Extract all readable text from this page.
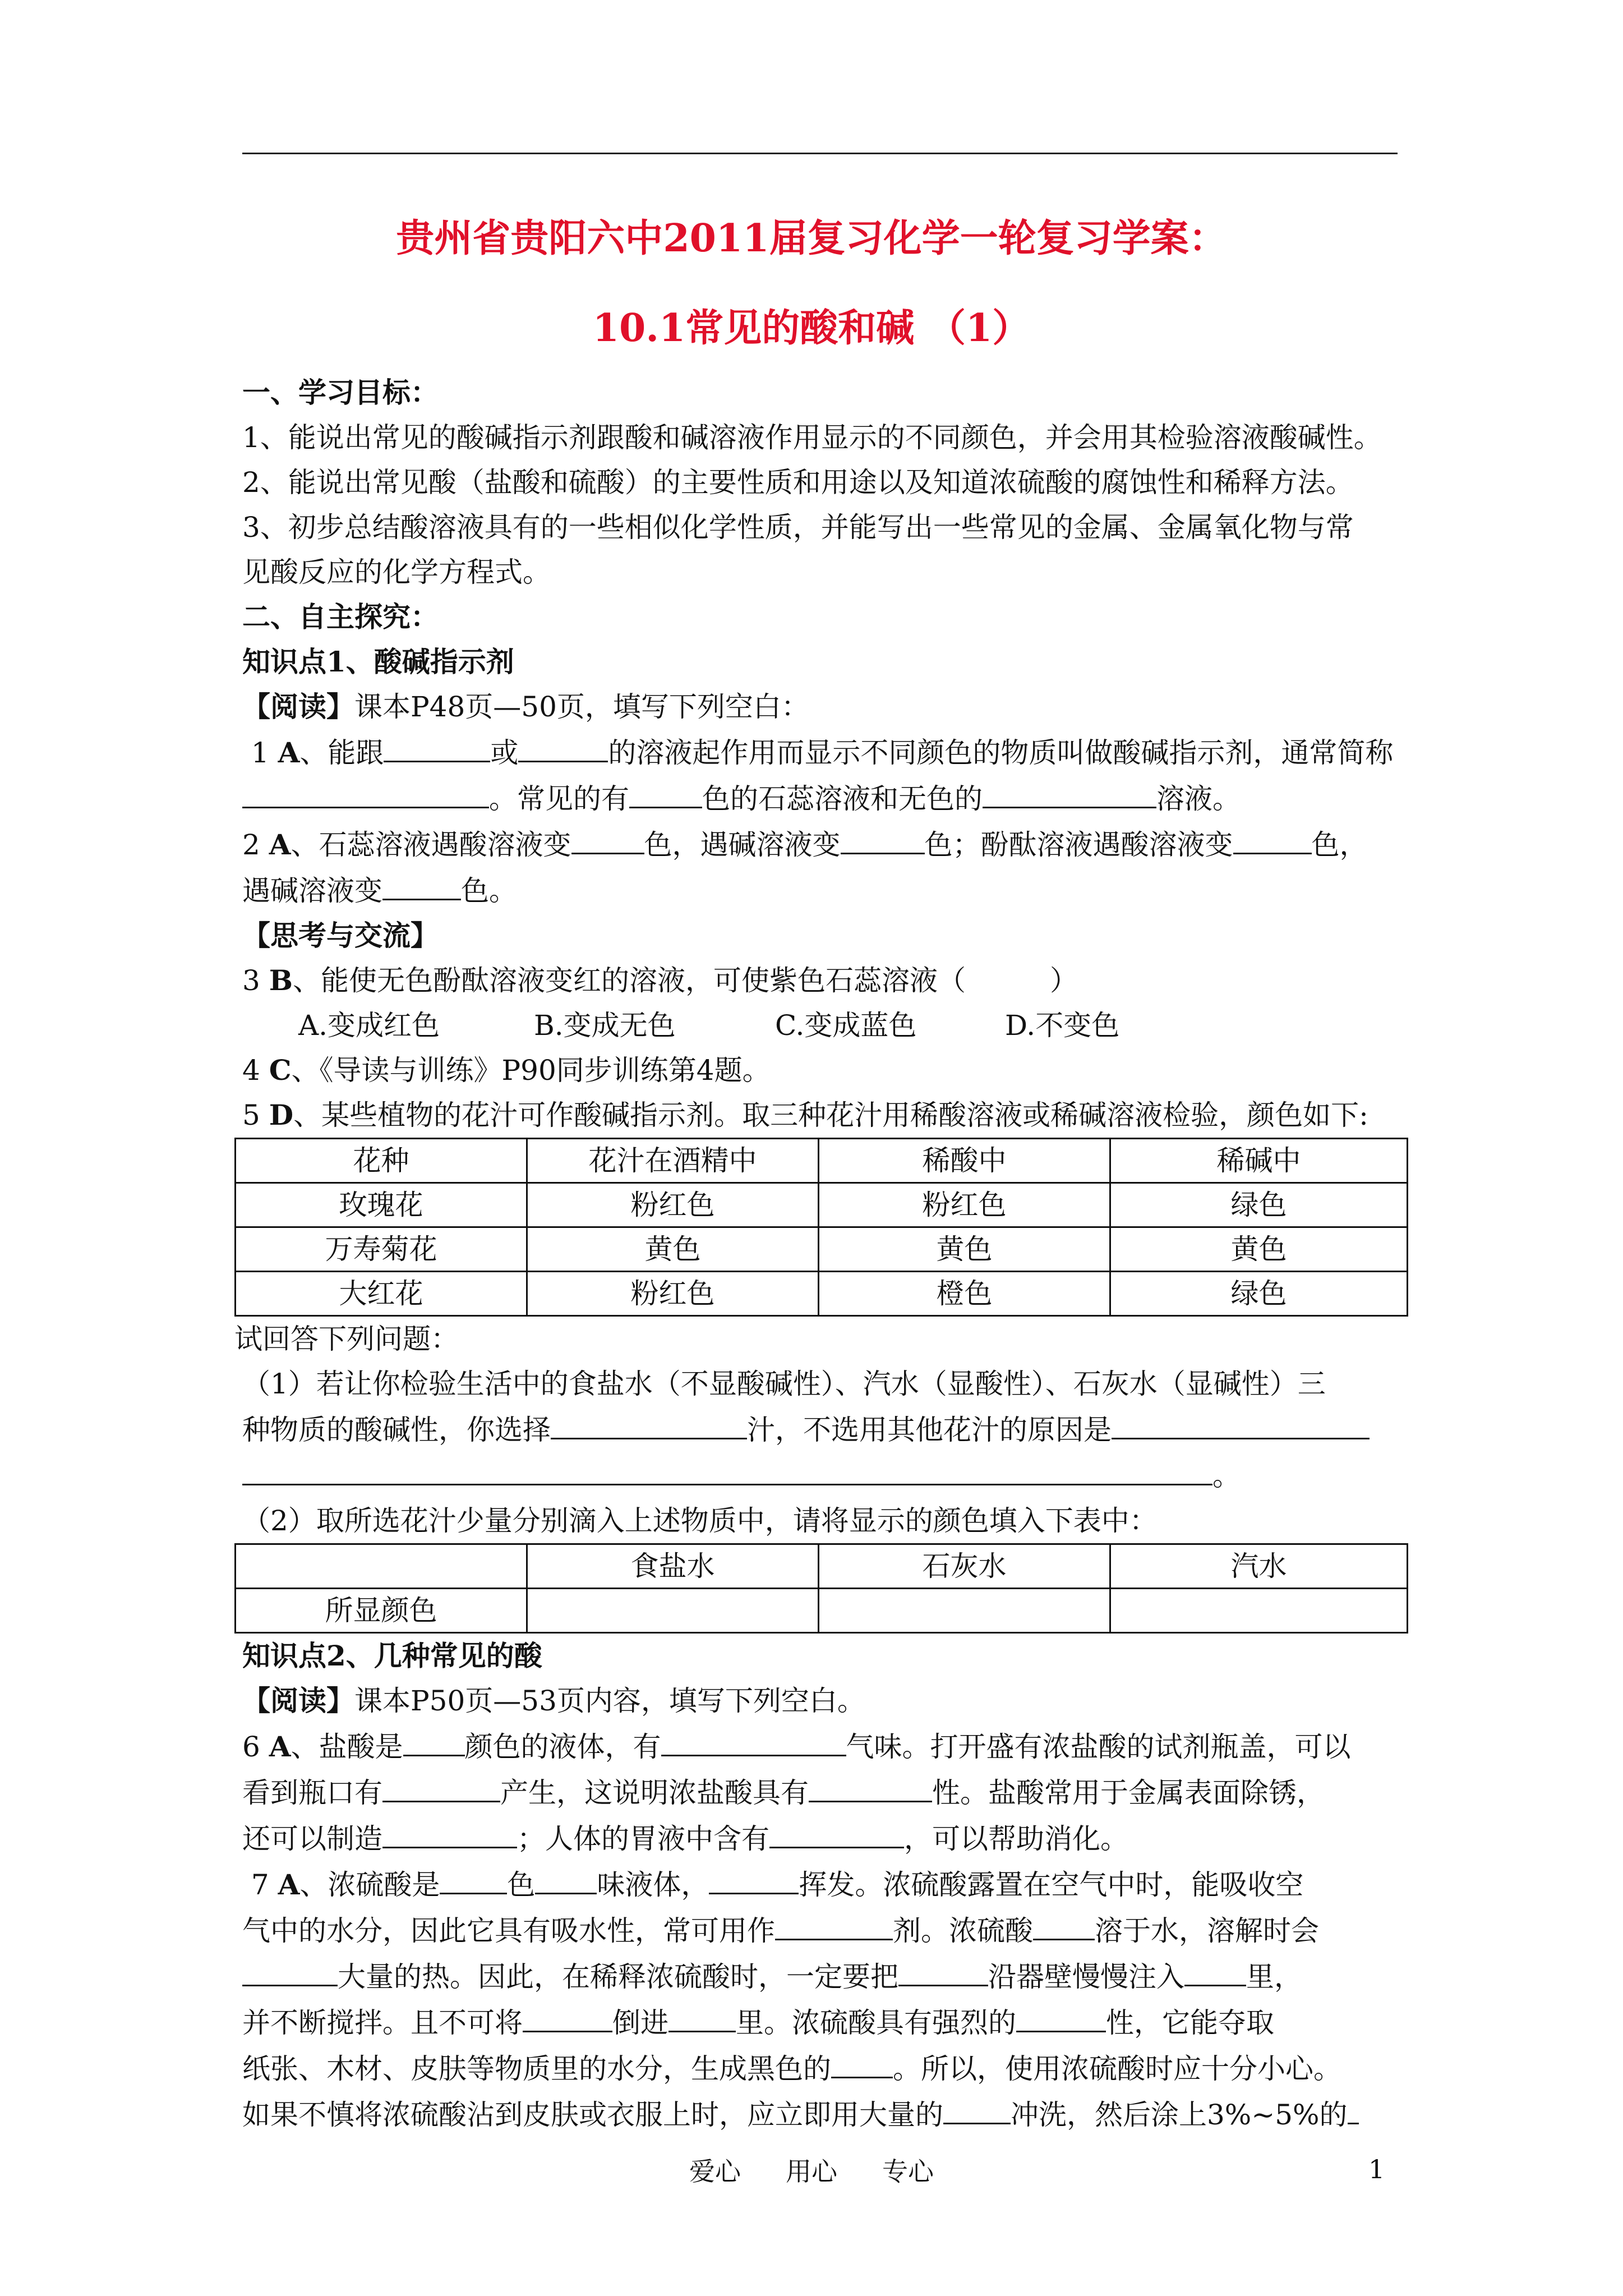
贵州省贵阳六中2011届复习化学一轮复习学案：
10.1常见的酸和碱 （1）
一、学习目标：
1、能说出常见的酸碱指示剂跟酸和碱溶液作用显示的不同颜色，并会用其检验溶液酸碱性。
2、能说出常见酸（盐酸和硫酸）的主要性质和用途以及知道浓硫酸的腐蚀性和稀释方法。
3、初步总结酸溶液具有的一些相似化学性质，并能写出一些常见的金属、金属氧化物与常
见酸反应的化学方程式。
二、自主探究：
知识点1、酸碱指示剂
【阅读】课本P48页—50页，填写下列空白：
1 A、能跟	或	的溶液起作用而显示不同颜色的物质叫做酸碱指示剂，通常简称
。常见的有	色的石蕊溶液和无色的	溶液。
2 A、石蕊溶液遇酸溶液变	色，遇碱溶液变	色；酚酞溶液遇酸溶液变	色，
遇碱溶液变	色。
【思考与交流】
3 B、能使无色酚酞溶液变红的溶液，可使紫色石蕊溶液（　　　）
A.变成红色	B.变成无色	C.变成蓝色	D.不变色
4 C、《导读与训练》P90同步训练第4题。
5 D、某些植物的花汁可作酸碱指示剂。取三种花汁用稀酸溶液或稀碱溶液检验，颜色如下:
花种	花汁在酒精中	稀酸中	稀碱中
玫瑰花	粉红色	粉红色	绿色
万寿菊花	黄色	黄色	黄色
大红花	粉红色	橙色	绿色
试回答下列问题：
（1）若让你检验生活中的食盐水（不显酸碱性）、汽水（显酸性）、石灰水（显碱性）三
种物质的酸碱性，你选择	汁，不选用其他花汁的原因是
。
（2）取所选花汁少量分别滴入上述物质中，请将显示的颜色填入下表中：
	食盐水	石灰水	汽水
所显颜色			
知识点2、几种常见的酸
【阅读】课本P50页—53页内容，填写下列空白。
6 A、盐酸是 颜色的液体，有	气味。打开盛有浓盐酸的试剂瓶盖，可以
看到瓶口有	产生，这说明浓盐酸具有	性。盐酸常用于金属表面除锈，
还可以制造	；人体的胃液中含有	，可以帮助消化。
7 A、浓硫酸是 色 味液体，	挥发。浓硫酸露置在空气中时，能吸收空
气中的水分，因此它具有吸水性，常可用作	剂。浓硫酸 溶于水，溶解时会
大量的热。因此，在稀释浓硫酸时，一定要把	沿器壁慢慢注入 里，
并不断搅拌。且不可将	倒进 里。浓硫酸具有强烈的	性，它能夺取
纸张、木材、皮肤等物质里的水分，生成黑色的 。所以，使用浓硫酸时应十分小心。
如果不慎将浓硫酸沾到皮肤或衣服上时，应立即用大量的 冲洗，然后涂上3%~5%的
爱心 用心 专心	1
